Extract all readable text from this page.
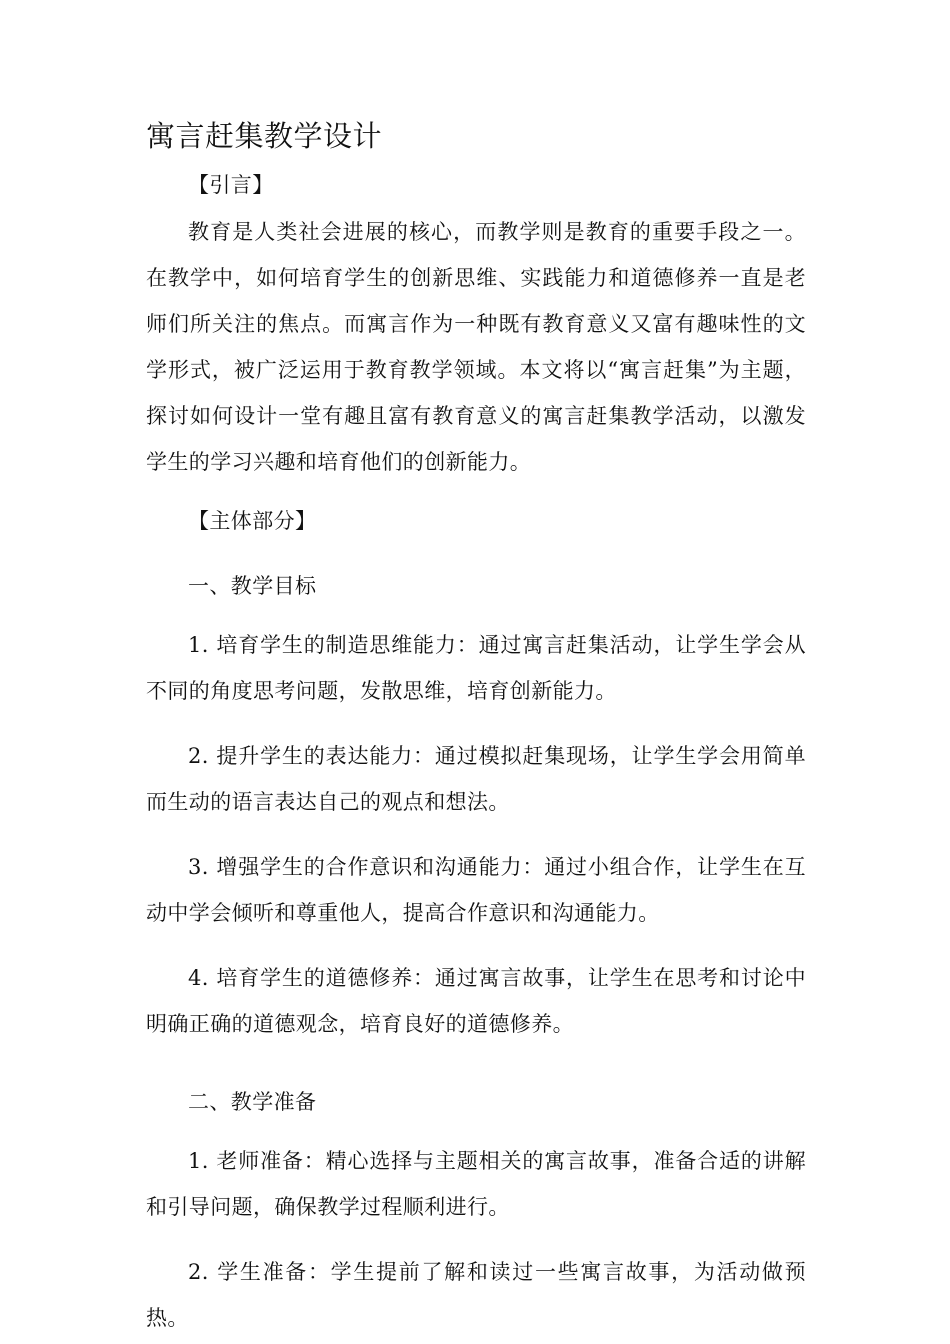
寓言赶集教学设计

【引言】

教育是人类社会进展的核心，而教学则是教育的重要手段之一。在教学中，如何培育学生的创新思维、实践能力和道德修养一直是老师们所关注的焦点。而寓言作为一种既有教育意义又富有趣味性的文学形式，被广泛运用于教育教学领域。本文将以“寓言赶集”为主题，探讨如何设计一堂有趣且富有教育意义的寓言赶集教学活动，以激发学生的学习兴趣和培育他们的创新能力。

【主体部分】

一、教学目标

1. 培育学生的制造思维能力：通过寓言赶集活动，让学生学会从不同的角度思考问题，发散思维，培育创新能力。

2. 提升学生的表达能力：通过模拟赶集现场，让学生学会用简单而生动的语言表达自己的观点和想法。

3. 增强学生的合作意识和沟通能力：通过小组合作，让学生在互动中学会倾听和尊重他人，提高合作意识和沟通能力。

4. 培育学生的道德修养：通过寓言故事，让学生在思考和讨论中明确正确的道德观念，培育良好的道德修养。

二、教学准备

1. 老师准备：精心选择与主题相关的寓言故事，准备合适的讲解和引导问题，确保教学过程顺利进行。

2. 学生准备：学生提前了解和读过一些寓言故事，为活动做预热。
